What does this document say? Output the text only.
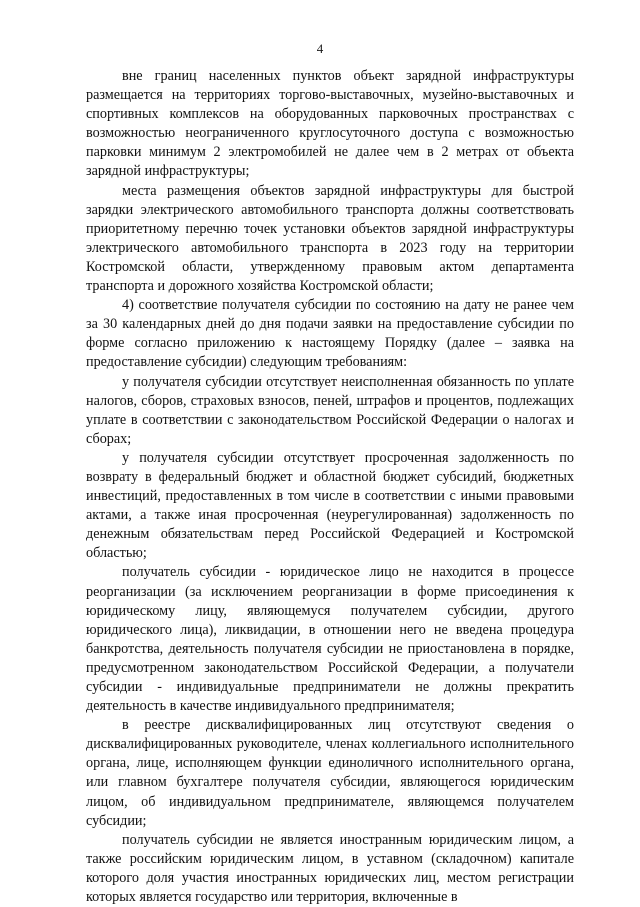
4

вне границ населенных пунктов объект зарядной инфраструктуры размещается на территориях торгово-выставочных, музейно-выставочных и спортивных комплексов на оборудованных парковочных пространствах с возможностью неограниченного круглосуточного доступа с возможностью парковки минимум 2 электромобилей не далее чем в 2 метрах от объекта зарядной инфраструктуры;

места размещения объектов зарядной инфраструктуры для быстрой зарядки электрического автомобильного транспорта должны соответствовать приоритетному перечню точек установки объектов зарядной инфраструктуры электрического автомобильного транспорта в 2023 году на территории Костромской области, утвержденному правовым актом департамента транспорта и дорожного хозяйства Костромской области;

4) соответствие получателя субсидии по состоянию на дату не ранее чем за 30 календарных дней до дня подачи заявки на предоставление субсидии по форме согласно приложению к настоящему Порядку (далее – заявка на предоставление субсидии) следующим требованиям:

у получателя субсидии отсутствует неисполненная обязанность по уплате налогов, сборов, страховых взносов, пеней, штрафов и процентов, подлежащих уплате в соответствии с законодательством Российской Федерации о налогах и сборах;

у получателя субсидии отсутствует просроченная задолженность по возврату в федеральный бюджет и областной бюджет субсидий, бюджетных инвестиций, предоставленных в том числе в соответствии с иными правовыми актами, а также иная просроченная (неурегулированная) задолженность по денежным обязательствам перед Российской Федерацией и Костромской областью;

получатель субсидии - юридическое лицо не находится в процессе реорганизации (за исключением реорганизации в форме присоединения к юридическому лицу, являющемуся получателем субсидии, другого юридического лица), ликвидации, в отношении него не введена процедура банкротства, деятельность получателя субсидии не приостановлена в порядке, предусмотренном законодательством Российской Федерации, а получатели субсидии - индивидуальные предприниматели не должны прекратить деятельность в качестве индивидуального предпринимателя;

в реестре дисквалифицированных лиц отсутствуют сведения о дисквалифицированных руководителе, членах коллегиального исполнительного органа, лице, исполняющем функции единоличного исполнительного органа, или главном бухгалтере получателя субсидии, являющегося юридическим лицом, об индивидуальном предпринимателе, являющемся получателем субсидии;

получатель субсидии не является иностранным юридическим лицом, а также российским юридическим лицом, в уставном (складочном) капитале которого доля участия иностранных юридических лиц, местом регистрации которых является государство или территория, включенные в
